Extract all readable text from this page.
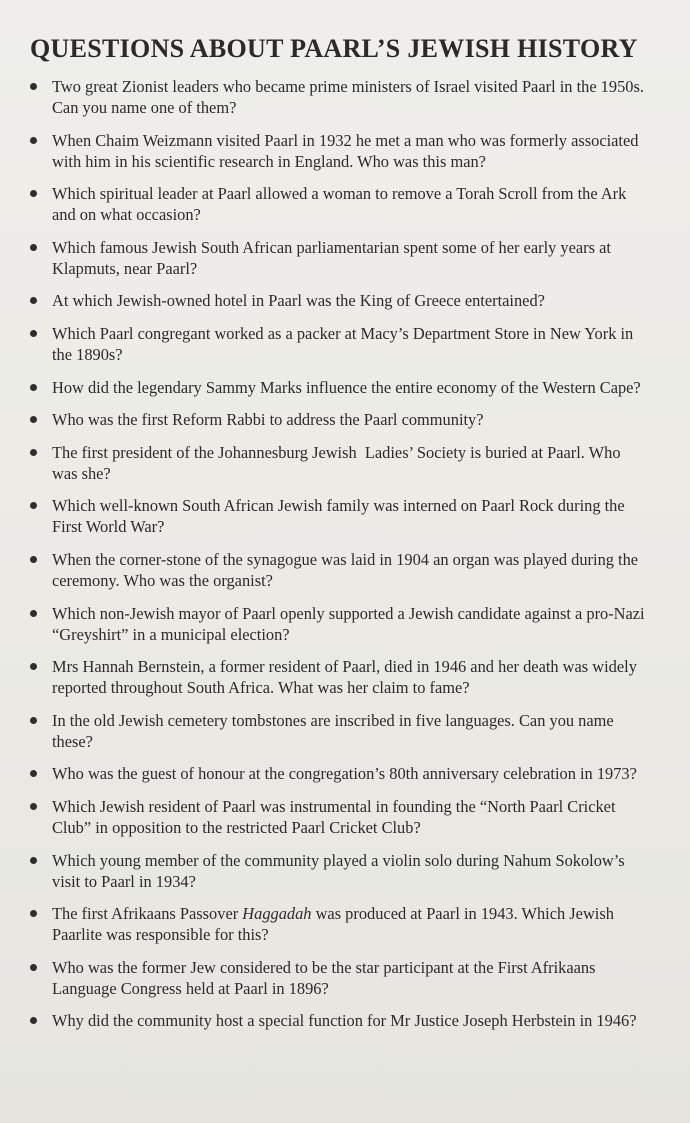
QUESTIONS ABOUT PAARL’S JEWISH HISTORY
Two great Zionist leaders who became prime ministers of Israel visited Paarl in the 1950s. Can you name one of them?
When Chaim Weizmann visited Paarl in 1932 he met a man who was formerly associated with him in his scientific research in England. Who was this man?
Which spiritual leader at Paarl allowed a woman to remove a Torah Scroll from the Ark and on what occasion?
Which famous Jewish South African parliamentarian spent some of her early years at Klapmuts, near Paarl?
At which Jewish-owned hotel in Paarl was the King of Greece entertained?
Which Paarl congregant worked as a packer at Macy’s Department Store in New York in the 1890s?
How did the legendary Sammy Marks influence the entire economy of the Western Cape?
Who was the first Reform Rabbi to address the Paarl community?
The first president of the Johannesburg Jewish  Ladies’ Society is buried at Paarl. Who was she?
Which well-known South African Jewish family was interned on Paarl Rock during the First World War?
When the corner-stone of the synagogue was laid in 1904 an organ was played during the ceremony. Who was the organist?
Which non-Jewish mayor of Paarl openly supported a Jewish candidate against a pro-Nazi “Greyshirt” in a municipal election?
Mrs Hannah Bernstein, a former resident of Paarl, died in 1946 and her death was widely reported throughout South Africa. What was her claim to fame?
In the old Jewish cemetery tombstones are inscribed in five languages. Can you name these?
Who was the guest of honour at the congregation’s 80th anniversary celebration in 1973?
Which Jewish resident of Paarl was instrumental in founding the “North Paarl Cricket Club” in opposition to the restricted Paarl Cricket Club?
Which young member of the community played a violin solo during Nahum Sokolow’s visit to Paarl in 1934?
The first Afrikaans Passover Haggadah was produced at Paarl in 1943. Which Jewish Paarlite was responsible for this?
Who was the former Jew considered to be the star participant at the First Afrikaans Language Congress held at Paarl in 1896?
Why did the community host a special function for Mr Justice Joseph Herbstein in 1946?
